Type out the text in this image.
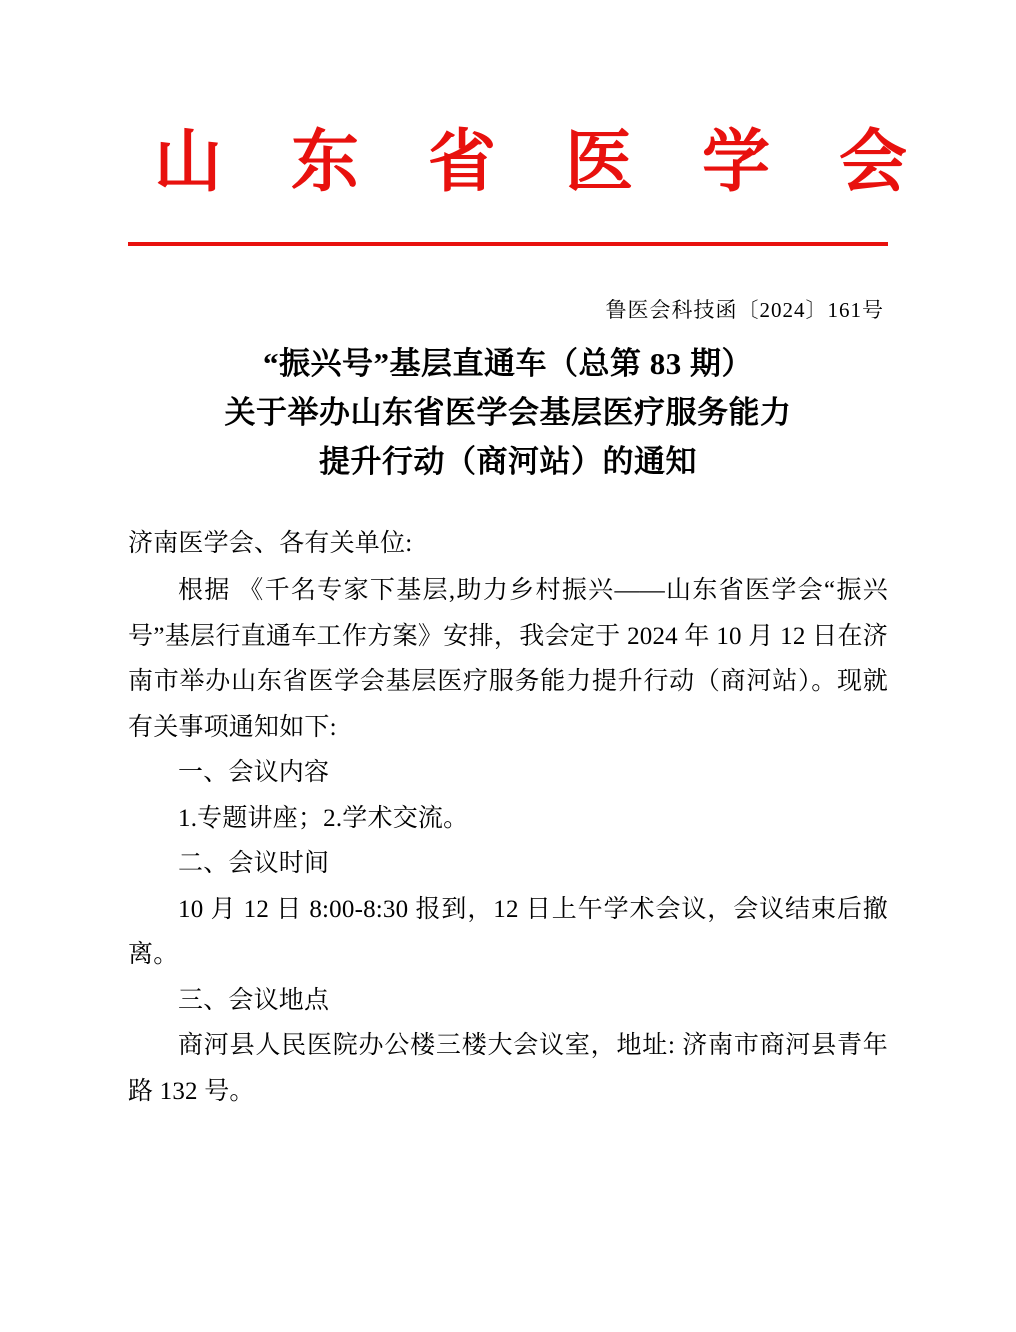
山 东 省 医 学 会
鲁医会科技函〔2024〕161号
“振兴号”基层直通车（总第 83 期）
关于举办山东省医学会基层医疗服务能力
提升行动（商河站）的通知

济南医学会、各有关单位:

根据 《千名专家下基层,助力乡村振兴——山东省医学会“振兴号”基层行直通车工作方案》安排，我会定于 2024 年 10 月 12 日在济南市举办山东省医学会基层医疗服务能力提升行动（商河站）。现就有关事项通知如下:

一、会议内容

1.专题讲座；2.学术交流。

二、会议时间

10 月 12 日 8:00-8:30 报到，12 日上午学术会议，会议结束后撤离。

三、会议地点

商河县人民医院办公楼三楼大会议室，地址: 济南市商河县青年路 132 号。
